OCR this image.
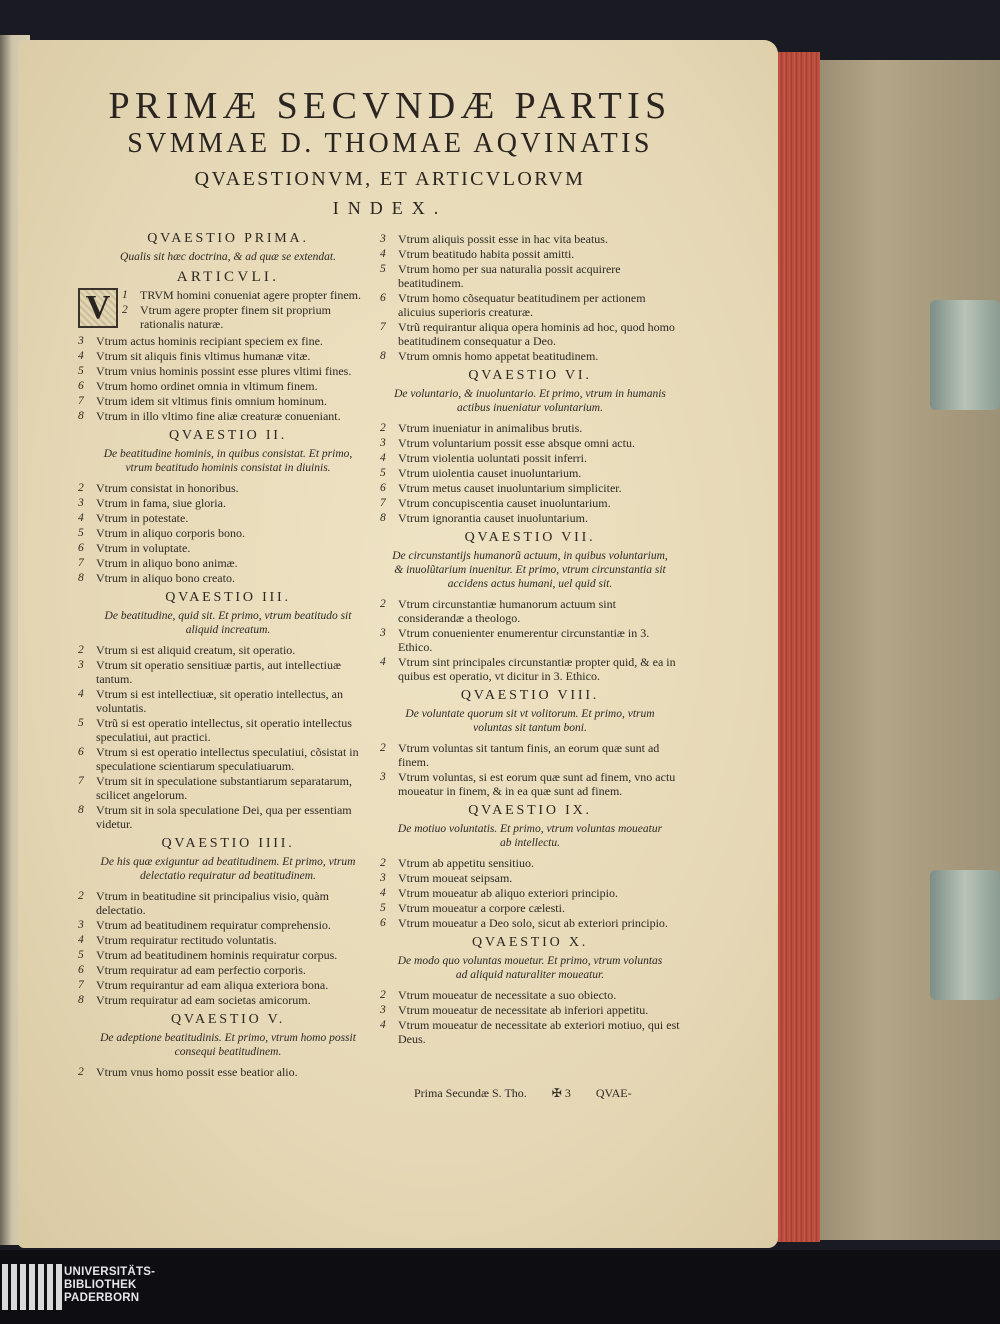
PRIMÆ SECVNDÆ PARTIS
SVMMAE D. THOMAE AQVINATIS
QVAESTIONVM, ET ARTICVLORVM
INDEX.
QVAESTIO PRIMA.
Qualis sit hæc doctrina, & ad quæ se extendat.
ARTICVLI.
V	1	TRVM homini conueniat agere propter finem.
2	Vtrum agere propter finem sit proprium rationalis naturæ.
3	Vtrum actus hominis recipiant speciem ex fine.
4	Vtrum sit aliquis finis vltimus humanæ vitæ.
5	Vtrum vnius hominis possint esse plures vltimi fines.
6	Vtrum homo ordinet omnia in vltimum finem.
7	Vtrum idem sit vltimus finis omnium hominum.
8	Vtrum in illo vltimo fine aliæ creaturæ conueniant.
QVAESTIO II.
De beatitudine hominis, in quibus consistat. Et primo, vtrum beatitudo hominis consistat in diuinis.
2	Vtrum consistat in honoribus.
3	Vtrum in fama, siue gloria.
4	Vtrum in potestate.
5	Vtrum in aliquo corporis bono.
6	Vtrum in voluptate.
7	Vtrum in aliquo bono animæ.
8	Vtrum in aliquo bono creato.
QVAESTIO III.
De beatitudine, quid sit. Et primo, vtrum beatitudo sit aliquid increatum.
2	Vtrum si est aliquid creatum, sit operatio.
3	Vtrum sit operatio sensitiuæ partis, aut intellectiuæ tantum.
4	Vtrum si est intellectiuæ, sit operatio intellectus, an voluntatis.
5	Vtrũ si est operatio intellectus, sit operatio intellectus speculatiui, aut practici.
6	Vtrum si est operatio intellectus speculatiui, cõsistat in speculatione scientiarum speculatiuarum.
7	Vtrum sit in speculatione substantiarum separatarum, scilicet angelorum.
8	Vtrum sit in sola speculatione Dei, qua per essentiam videtur.
QVAESTIO IIII.
De his quæ exiguntur ad beatitudinem. Et primo, vtrum delectatio requiratur ad beatitudinem.
2	Vtrum in beatitudine sit principalius visio, quàm delectatio.
3	Vtrum ad beatitudinem requiratur comprehensio.
4	Vtrum requiratur rectitudo voluntatis.
5	Vtrum ad beatitudinem hominis requiratur corpus.
6	Vtrum requiratur ad eam perfectio corporis.
7	Vtrum requirantur ad eam aliqua exteriora bona.
8	Vtrum requiratur ad eam societas amicorum.
QVAESTIO V.
De adeptione beatitudinis. Et primo, vtrum homo possit consequi beatitudinem.
2	Vtrum vnus homo possit esse beatior alio.
3	Vtrum aliquis possit esse in hac vita beatus.
4	Vtrum beatitudo habita possit amitti.
5	Vtrum homo per sua naturalia possit acquirere beatitudinem.
6	Vtrum homo cõsequatur beatitudinem per actionem alicuius superioris creaturæ.
7	Vtrũ requirantur aliqua opera hominis ad hoc, quod homo beatitudinem consequatur a Deo.
8	Vtrum omnis homo appetat beatitudinem.
QVAESTIO VI.
De voluntario, & inuoluntario. Et primo, vtrum in humanis actibus inueniatur voluntarium.
2	Vtrum inueniatur in animalibus brutis.
3	Vtrum voluntarium possit esse absque omni actu.
4	Vtrum violentia uoluntati possit inferri.
5	Vtrum uiolentia causet inuoluntarium.
6	Vtrum metus causet inuoluntarium simpliciter.
7	Vtrum concupiscentia causet inuoluntarium.
8	Vtrum ignorantia causet inuoluntarium.
QVAESTIO VII.
De circunstantijs humanorũ actuum, in quibus voluntarium, & inuolũtarium inuenitur. Et primo, vtrum circunstantia sit accidens actus humani, uel quid sit.
2	Vtrum circunstantiæ humanorum actuum sint considerandæ a theologo.
3	Vtrum conuenienter enumerentur circunstantiæ in 3. Ethico.
4	Vtrum sint principales circunstantiæ propter quid, & ea in quibus est operatio, vt dicitur in 3. Ethico.
QVAESTIO VIII.
De voluntate quorum sit vt volitorum. Et primo, vtrum voluntas sit tantum boni.
2	Vtrum voluntas sit tantum finis, an eorum quæ sunt ad finem.
3	Vtrum voluntas, si est eorum quæ sunt ad finem, vno actu moueatur in finem, & in ea quæ sunt ad finem.
QVAESTIO IX.
De motiuo voluntatis. Et primo, vtrum voluntas moueatur ab intellectu.
2	Vtrum ab appetitu sensitiuo.
3	Vtrum moueat seipsam.
4	Vtrum moueatur ab aliquo exteriori principio.
5	Vtrum moueatur a corpore cælesti.
6	Vtrum moueatur a Deo solo, sicut ab exteriori principio.
QVAESTIO X.
De modo quo voluntas mouetur. Et primo, vtrum voluntas ad aliquid naturaliter moueatur.
2	Vtrum moueatur de necessitate a suo obiecto.
3	Vtrum moueatur de necessitate ab inferiori appetitu.
4	Vtrum moueatur de necessitate ab exteriori motiuo, qui est Deus.
Prima Secundæ S. Tho. ✠ 3 QVAE-
UNIVERSITÄTS-
BIBLIOTHEK
PADERBORN
